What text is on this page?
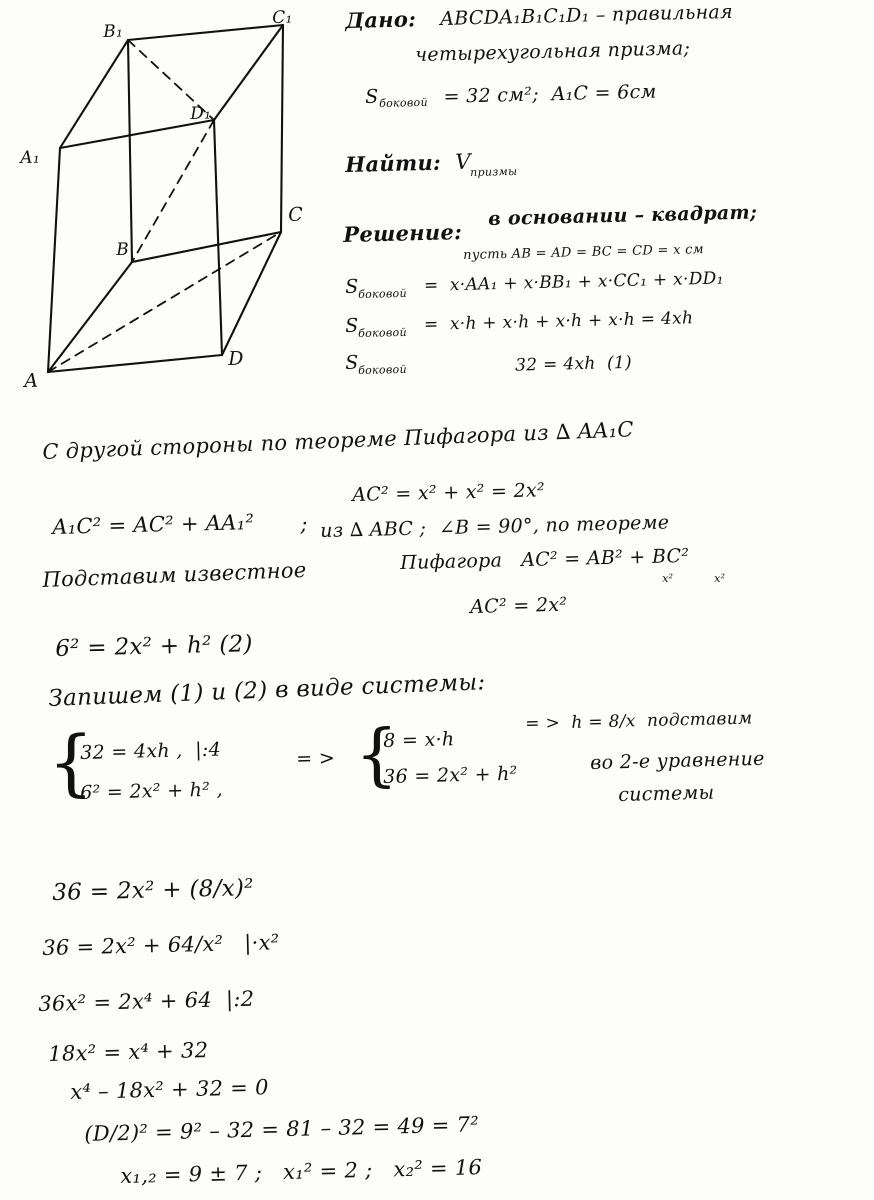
B₁
C₁
D₁
A₁
B
C
A
D
Дано: ABCDA₁B₁C₁D₁ – правильная
четырехугольная призма;
S боковой = 32 см²;  A₁C = 6см
Найти: V
призмы
Решение:
в основании – квадрат;
пусть AB = AD = BC = CD = x см
S боковой =  x·AA₁ + x·BB₁ + x·CC₁ + x·DD₁
S боковой =  x·h + x·h + x·h + x·h = 4xh
S боковой 32 = 4xh  (1)
С другой стороны по теореме Пифагора из ∆ AA₁C
A₁C² = AC² + AA₁² ;
AC² = x² + x² = 2x²
из ∆ ABC ;  ∠B = 90°, по теореме
Пифагора   AC² = AB² + BC²
x²	x²
AC² = 2x²
Подставим известное
6² = 2x² + h² (2)
Запишем (1) и (2) в виде системы:
{
32 = 4xh ,  |:4
6² = 2x² + h² ,
= > {
8 = x·h
36 = 2x² + h²
= >  h = 8/x  подставим
во 2-е уравнение
системы
36 = 2x² + (8/x)²
36 = 2x² + 64/x²   |·x²
36x² = 2x⁴ + 64  |:2
18x² = x⁴ + 32
x⁴ – 18x² + 32 = 0
(D/2)² = 9² – 32 = 81 – 32 = 49 = 7²
x₁,₂ = 9 ± 7 ;   x₁² = 2 ;   x₂² = 16
